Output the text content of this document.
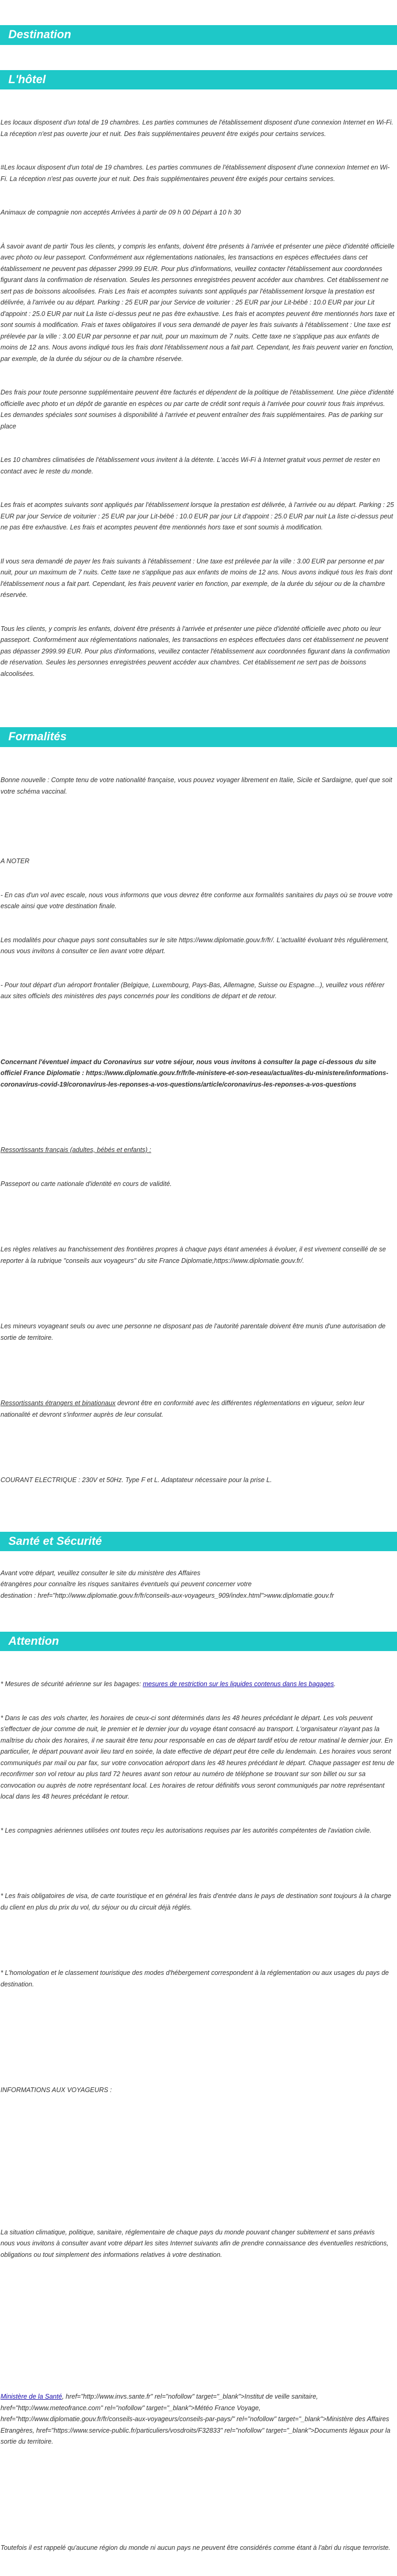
Destination
L'hôtel

Les locaux disposent d'un total de 19 chambres. Les parties communes de l'établissement disposent d'une connexion Internet en Wi-Fi. La réception n'est pas ouverte jour et nuit. Des frais supplémentaires peuvent être exigés pour certains services.

#Les locaux disposent d'un total de 19 chambres. Les parties communes de l'établissement disposent d'une connexion Internet en Wi-Fi. La réception n'est pas ouverte jour et nuit. Des frais supplémentaires peuvent être exigés pour certains services.

Animaux de compagnie non acceptés Arrivées à partir de 09 h 00 Départ à 10 h 30

À savoir avant de partir Tous les clients, y compris les enfants, doivent être présents à l'arrivée et présenter une pièce d'identité officielle avec photo ou leur passeport. Conformément aux réglementations nationales, les transactions en espèces effectuées dans cet établissement ne peuvent pas dépasser 2999.99 EUR. Pour plus d'informations, veuillez contacter l'établissement aux coordonnées figurant dans la confirmation de réservation. Seules les personnes enregistrées peuvent accéder aux chambres. Cet établissement ne sert pas de boissons alcoolisées. Frais Les frais et acomptes suivants sont appliqués par l'établissement lorsque la prestation est délivrée, à l'arrivée ou au départ. Parking : 25 EUR par jour Service de voiturier : 25 EUR par jour Lit-bébé : 10.0 EUR par jour Lit d'appoint : 25.0 EUR par nuit La liste ci-dessus peut ne pas être exhaustive. Les frais et acomptes peuvent être mentionnés hors taxe et sont soumis à modification. Frais et taxes obligatoires Il vous sera demandé de payer les frais suivants à l'établissement : Une taxe est prélevée par la ville : 3.00 EUR par personne et par nuit, pour un maximum de 7 nuits. Cette taxe ne s'applique pas aux enfants de moins de 12 ans. Nous avons indiqué tous les frais dont l'établissement nous a fait part. Cependant, les frais peuvent varier en fonction, par exemple, de la durée du séjour ou de la chambre réservée.

Des frais pour toute personne supplémentaire peuvent être facturés et dépendent de la politique de l'établissement. Une pièce d'identité officielle avec photo et un dépôt de garantie en espèces ou par carte de crédit sont requis à l'arrivée pour couvrir tous frais imprévus. Les demandes spéciales sont soumises à disponibilité à l'arrivée et peuvent entraîner des frais supplémentaires. Pas de parking sur place

Les 10 chambres climatisées de l'établissement vous invitent à la détente. L'accès Wi-Fi à Internet gratuit vous permet de rester en contact avec le reste du monde.

Les frais et acomptes suivants sont appliqués par l'établissement lorsque la prestation est délivrée, à l'arrivée ou au départ. Parking : 25 EUR par jour Service de voiturier : 25 EUR par jour Lit-bébé : 10.0 EUR par jour Lit d'appoint : 25.0 EUR par nuit La liste ci-dessus peut ne pas être exhaustive. Les frais et acomptes peuvent être mentionnés hors taxe et sont soumis à modification.

Il vous sera demandé de payer les frais suivants à l'établissement : Une taxe est prélevée par la ville : 3.00 EUR par personne et par nuit, pour un maximum de 7 nuits. Cette taxe ne s'applique pas aux enfants de moins de 12 ans. Nous avons indiqué tous les frais dont l'établissement nous a fait part. Cependant, les frais peuvent varier en fonction, par exemple, de la durée du séjour ou de la chambre réservée.

Tous les clients, y compris les enfants, doivent être présents à l'arrivée et présenter une pièce d'identité officielle avec photo ou leur passeport. Conformément aux réglementations nationales, les transactions en espèces effectuées dans cet établissement ne peuvent pas dépasser 2999.99 EUR. Pour plus d'informations, veuillez contacter l'établissement aux coordonnées figurant dans la confirmation de réservation. Seules les personnes enregistrées peuvent accéder aux chambres. Cet établissement ne sert pas de boissons alcoolisées.

Formalités

Bonne nouvelle : Compte tenu de votre nationalité française, vous pouvez voyager librement en Italie, Sicile et Sardaigne, quel que soit votre schéma vaccinal.

A NOTER

- En cas d'un vol avec escale, nous vous informons que vous devrez être conforme aux formalités sanitaires du pays où se trouve votre escale ainsi que votre destination finale.

Les modalités pour chaque pays sont consultables sur le site https://www.diplomatie.gouv.fr/fr/. L'actualité évoluant très régulièrement, nous vous invitons à consulter ce lien avant votre départ.

- Pour tout départ d'un aéroport frontalier (Belgique, Luxembourg, Pays-Bas, Allemagne, Suisse ou Espagne...), veuillez vous référer aux sites officiels des ministères des pays concernés pour les conditions de départ et de retour.

Concernant l'éventuel impact du Coronavirus sur votre séjour, nous vous invitons à consulter la page ci-dessous du site officiel France Diplomatie : https://www.diplomatie.gouv.fr/fr/le-ministere-et-son-reseau/actualites-du-ministere/informations-coronavirus-covid-19/coronavirus-les-reponses-a-vos-questions/article/coronavirus-les-reponses-a-vos-questions

Ressortissants français (adultes, bébés et enfants) :

Passeport ou carte nationale d'identité en cours de validité.

Les règles relatives au franchissement des frontières propres à chaque pays étant amenées à évoluer, il est vivement conseillé de se reporter à la rubrique "conseils aux voyageurs" du site France Diplomatie,https://www.diplomatie.gouv.fr/.

Les mineurs voyageant seuls ou avec une personne ne disposant pas de l'autorité parentale doivent être munis d'une autorisation de sortie de territoire.

Ressortissants étrangers et binationaux devront être en conformité avec les différentes réglementations en vigueur, selon leur nationalité et devront s'informer auprès de leur consulat.

COURANT ELECTRIQUE : 230V et 50Hz. Type F et L. Adaptateur nécessaire pour la prise L.

Santé et Sécurité

Avant votre départ, veuillez consulter le site du ministère des Affaires
étrangères pour connaître les risques sanitaires éventuels qui peuvent concerner votre
destination : href="http://www.diplomatie.gouv.fr/fr/conseils-aux-voyageurs_909/index.html">www.diplomatie.gouv.fr

Attention

* Mesures de sécurité aérienne sur les bagages: mesures de restriction sur les liquides contenus dans les bagages.

* Dans le cas des vols charter, les horaires de ceux-ci sont déterminés dans les 48 heures précédant le départ. Les vols peuvent s'effectuer de jour comme de nuit, le premier et le dernier jour du voyage étant consacré au transport. L'organisateur n'ayant pas la maîtrise du choix des horaires, il ne saurait être tenu pour responsable en cas de départ tardif et/ou de retour matinal le dernier jour. En particulier, le départ pouvant avoir lieu tard en soirée, la date effective de départ peut être celle du lendemain. Les horaires vous seront communiqués par mail ou par fax, sur votre convocation aéroport dans les 48 heures précédant le départ. Chaque passager est tenu de reconfirmer son vol retour au plus tard 72 heures avant son retour au numéro de téléphone se trouvant sur son billet ou sur sa convocation ou auprès de notre représentant local. Les horaires de retour définitifs vous seront communiqués par notre représentant local dans les 48 heures précédant le retour.

* Les compagnies aériennes utilisées ont toutes reçu les autorisations requises par les autorités compétentes de l'aviation civile.

* Les frais obligatoires de visa, de carte touristique et en général les frais d'entrée dans le pays de destination sont toujours à la charge du client en plus du prix du vol, du séjour ou du circuit déjà réglés.

* L'homologation et le classement touristique des modes d'hébergement correspondent à la réglementation ou aux usages du pays de destination.

INFORMATIONS AUX VOYAGEURS :

La situation climatique, politique, sanitaire, réglementaire de chaque pays du monde pouvant changer subitement et sans préavis
nous vous invitons à consulter avant votre départ les sites Internet suivants afin de prendre connaissance des éventuelles restrictions, obligations ou tout simplement des informations relatives à votre destination.

Ministère de la Santé, href="http://www.invs.sante.fr" rel="nofollow" target="_blank">Institut de veille sanitaire, href="http://www.meteofrance.com" rel="nofollow" target="_blank">Météo France Voyage, href="http://www.diplomatie.gouv.fr/fr/conseils-aux-voyageurs/conseils-par-pays/" rel="nofollow" target="_blank">Ministère des Affaires Etrangères, href="https://www.service-public.fr/particuliers/vosdroits/F32833" rel="nofollow" target="_blank">Documents légaux pour la sortie du territoire.

Toutefois il est rappelé qu'aucune région du monde ni aucun pays ne peuvent être considérés comme étant à l'abri du risque terroriste.
